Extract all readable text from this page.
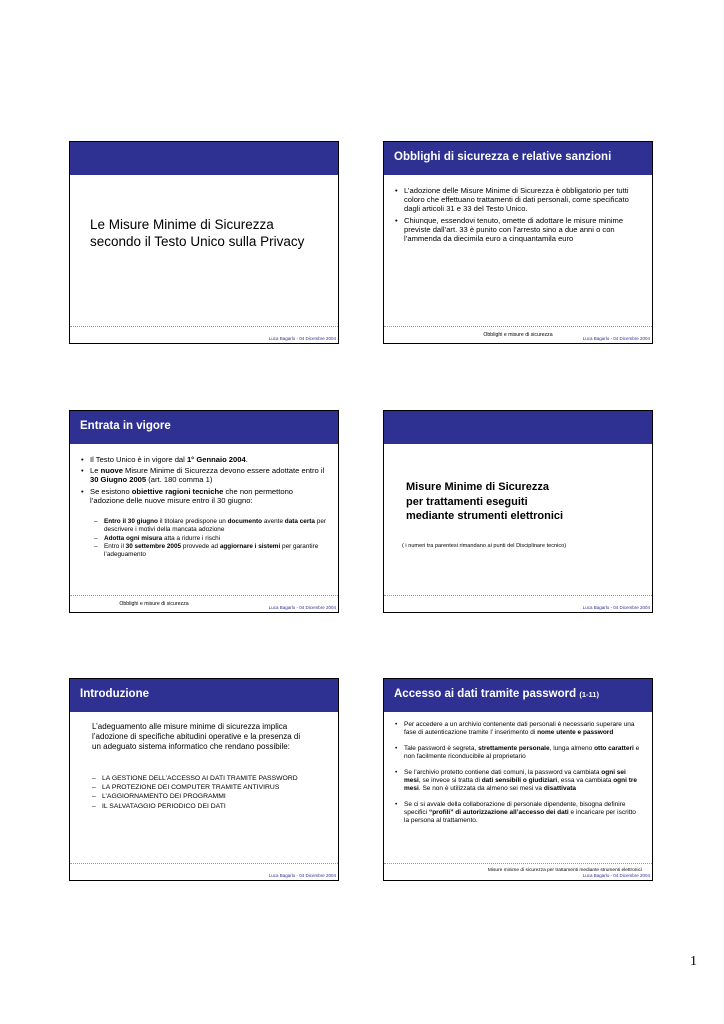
Le Misure Minime di Sicurezza
secondo il Testo Unico sulla Privacy
Luca Bagarlo - 04 Dicembre 2004
Obblighi di sicurezza e relative sanzioni
• L’adozione delle Misure Minime di Sicurezza è obbligatorio per tutti coloro che effettuano trattamenti di dati personali, come specificato dagli articoli 31 e 33 del Testo Unico.
• Chiunque, essendovi tenuto, omette di adottare le misure minime previste dall’art. 33 è punito con l’arresto sino a due anni o con l’ammenda da diecimila euro a cinquantamila euro
Obblighi e misure di sicurezza
Luca Bagarlo - 04 Dicembre 2004
Entrata in vigore
• Il Testo Unico è in vigore dal 1° Gennaio 2004.
• Le nuove Misure Minime di Sicurezza devono essere adottate entro il 30 Giugno 2005 (art. 180 comma 1)
• Se esistono obiettive ragioni tecniche che non permettono l’adozione delle nuove misure entro il 30 giugno:
– Entro il 30 giugno il titolare predispone un documento avente data certa per descrivere i motivi della mancata adozione
– Adotta ogni misura atta a ridurre i rischi
– Entro il 30 settembre 2005 provvede ad aggiornare i sistemi per garantire l’adeguamento
Obblighi e misure di sicurezza
Luca Bagarlo - 04 Dicembre 2004
Misure Minime di Sicurezza
per trattamenti eseguiti
mediante strumenti elettronici
( i numeri tra parentesi rimandano ai punti del Disciplinare tecnico)
Luca Bagarlo - 04 Dicembre 2004
Introduzione
L’adeguamento alle misure minime di sicurezza implica l’adozione di specifiche abitudini operative e la presenza di un adeguato sistema informatico che rendano possibile:
– LA GESTIONE DELL’ACCESSO AI DATI TRAMITE PASSWORD
– LA PROTEZIONE DEI COMPUTER TRAMITE ANTIVIRUS
– L’AGGIORNAMENTO DEI PROGRAMMI
– IL SALVATAGGIO PERIODICO DEI DATI
Luca Bagarlo - 04 Dicembre 2004
Accesso ai dati tramite password (1-11)
• Per accedere a un archivio contenente dati personali è necessario superare una fase di autenticazione tramite l’ inserimento di nome utente e password
• Tale password è segreta, strettamente personale, lunga almeno otto caratteri e non facilmente riconducibile al proprietario
• Se l’archivio protetto contiene dati comuni, la password va cambiata ogni sei mesi, se invece si tratta di dati sensibili o giudiziari, essa va cambiata ogni tre mesi. Se non è utilizzata da almeno sei mesi va disattivata
• Se ci si avvale della collaborazione di personale dipendente, bisogna definire specifici “profili” di autorizzazione all’accesso dei dati e incaricare per iscritto la persona al trattamento.
Misure minime di sicurezza per trattamenti mediante strumenti elettronici
Luca Bagarlo - 04 Dicembre 2004
1
